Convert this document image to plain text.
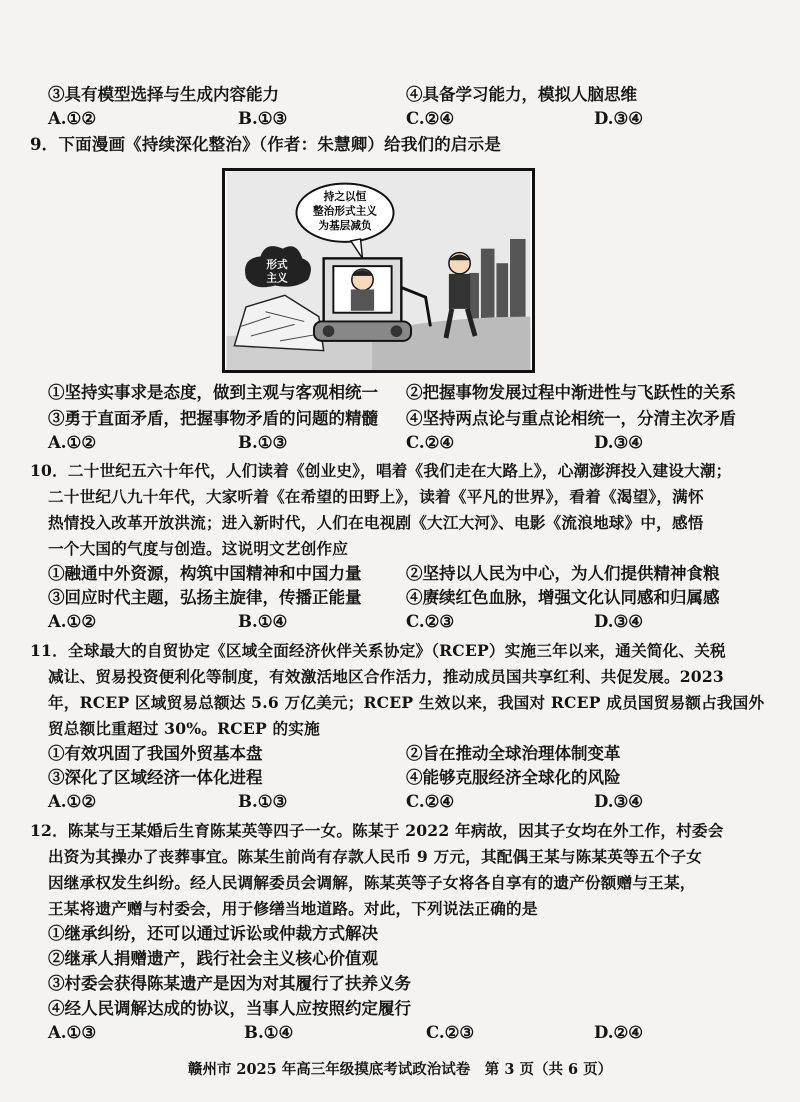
③具有模型选择与生成内容能力	④具备学习能力，模拟人脑思维
A.①②	B.①③	C.②④	D.③④
9．下面漫画《持续深化整治》（作者：朱慧卿）给我们的启示是
持之以恒
整治形式主义
为基层减负
形式
主义
①坚持实事求是态度，做到主观与客观相统一 ②把握事物发展过程中渐进性与飞跃性的关系
③勇于直面矛盾，把握事物矛盾的问题的精髓 ④坚持两点论与重点论相统一，分清主次矛盾
A.①②	B.①③	C.②④	D.③④
10．二十世纪五六十年代，人们读着《创业史》，唱着《我们走在大路上》，心潮澎湃投入建设大潮；
二十世纪八九十年代，大家听着《在希望的田野上》，读着《平凡的世界》，看着《渴望》，满怀
热情投入改革开放洪流；进入新时代，人们在电视剧《大江大河》、电影《流浪地球》中，感悟
一个大国的气度与创造。这说明文艺创作应
①融通中外资源，构筑中国精神和中国力量	②坚持以人民为中心，为人们提供精神食粮
③回应时代主题，弘扬主旋律，传播正能量	④赓续红色血脉，增强文化认同感和归属感
A.①②	B.①④	C.②③	D.③④
11．全球最大的自贸协定《区域全面经济伙伴关系协定》（RCEP）实施三年以来，通关简化、关税
减让、贸易投资便利化等制度，有效激活地区合作活力，推动成员国共享红利、共促发展。2023
年，RCEP 区域贸易总额达 5.6 万亿美元；RCEP 生效以来，我国对 RCEP 成员国贸易额占我国外
贸总额比重超过 30%。RCEP 的实施
①有效巩固了我国外贸基本盘	②旨在推动全球治理体制变革
③深化了区域经济一体化进程	④能够克服经济全球化的风险
A.①②	B.①③	C.②④	D.③④
12．陈某与王某婚后生育陈某英等四子一女。陈某于 2022 年病故，因其子女均在外工作，村委会
出资为其操办了丧葬事宜。陈某生前尚有存款人民币 9 万元，其配偶王某与陈某英等五个子女
因继承权发生纠纷。经人民调解委员会调解，陈某英等子女将各自享有的遗产份额赠与王某，
王某将遗产赠与村委会，用于修缮当地道路。对此，下列说法正确的是
①继承纠纷，还可以通过诉讼或仲裁方式解决
②继承人捐赠遗产，践行社会主义核心价值观
③村委会获得陈某遗产是因为对其履行了扶养义务
④经人民调解达成的协议，当事人应按照约定履行
A.①③	B.①④	C.②③	D.②④
赣州市 2025 年高三年级摸底考试政治试卷　第 3 页（共 6 页）
